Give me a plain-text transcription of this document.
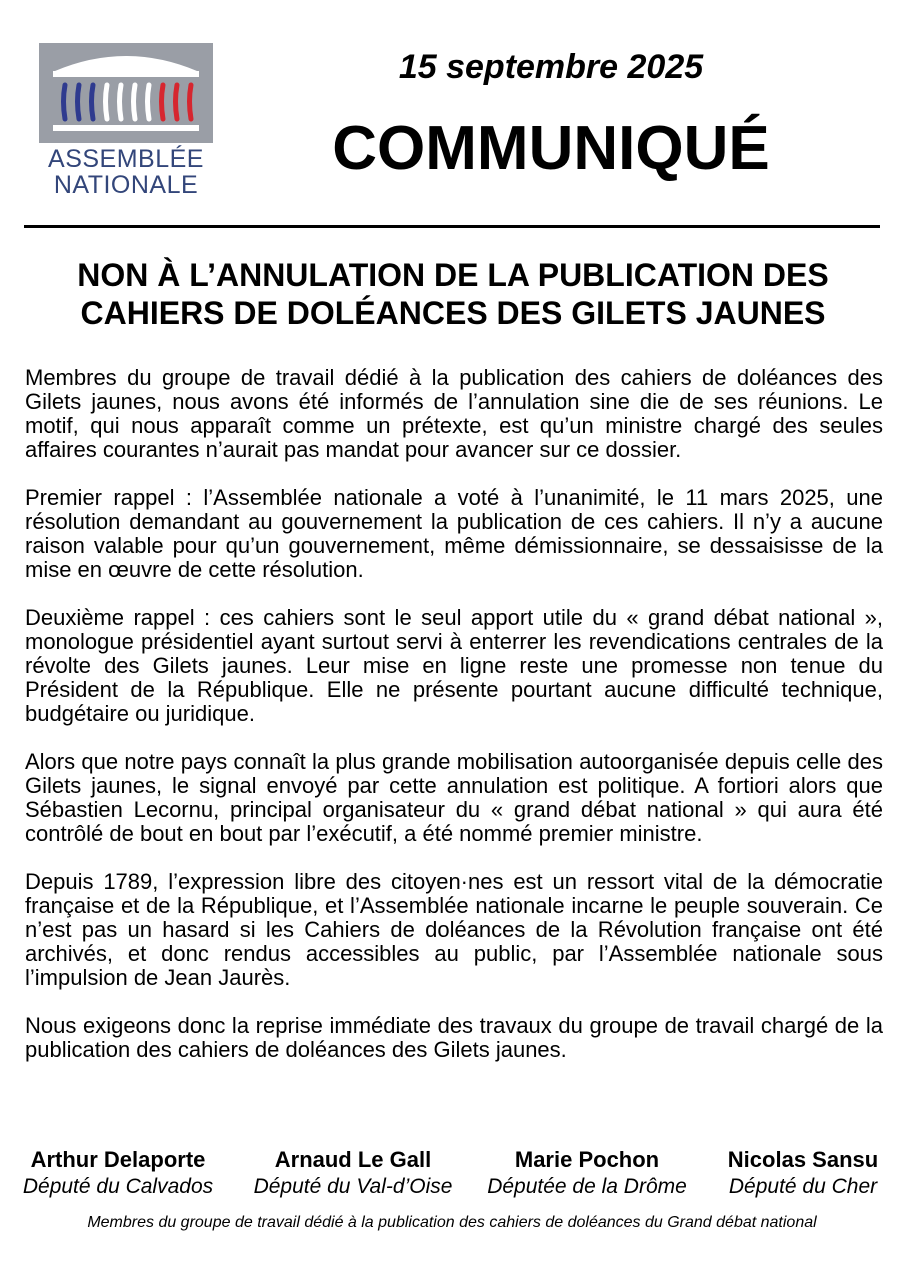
ASSEMBLÉE
NATIONALE
15 septembre 2025
COMMUNIQUÉ
NON À L’ANNULATION DE LA PUBLICATION DES
CAHIERS DE DOLÉANCES DES GILETS JAUNES

Membres du groupe de travail dédié à la publication des cahiers de doléances des Gilets jaunes, nous avons été informés de l’annulation sine die de ses réunions. Le motif, qui nous apparaît comme un prétexte, est qu’un ministre chargé des seules affaires courantes n’aurait pas mandat pour avancer sur ce dossier.

Premier rappel : l’Assemblée nationale a voté à l’unanimité, le 11 mars 2025, une résolution demandant au gouvernement la publication de ces cahiers. Il n’y a aucune raison valable pour qu’un gouvernement, même démissionnaire, se dessaisisse de la mise en œuvre de cette résolution.

Deuxième rappel : ces cahiers sont le seul apport utile du « grand débat national », monologue présidentiel ayant surtout servi à enterrer les revendications centrales de la révolte des Gilets jaunes. Leur mise en ligne reste une promesse non tenue du Président de la République. Elle ne présente pourtant aucune difficulté technique, budgétaire ou juridique.

Alors que notre pays connaît la plus grande mobilisation autoorganisée depuis celle des Gilets jaunes, le signal envoyé par cette annulation est politique. A fortiori alors que Sébastien Lecornu, principal organisateur du « grand débat national » qui aura été contrôlé de bout en bout par l’exécutif, a été nommé premier ministre.

Depuis 1789, l’expression libre des citoyen·nes est un ressort vital de la démocratie française et de la République, et l’Assemblée nationale incarne le peuple souverain. Ce n’est pas un hasard si les Cahiers de doléances de la Révolution française ont été archivés, et donc rendus accessibles au public, par l’Assemblée nationale sous l’impulsion de Jean Jaurès.

Nous exigeons donc la reprise immédiate des travaux du groupe de travail chargé de la publication des cahiers de doléances des Gilets jaunes.

Arthur Delaporte
Député du Calvados
Arnaud Le Gall
Député du Val-d’Oise
Marie Pochon
Députée de la Drôme
Nicolas Sansu
Député du Cher
Membres du groupe de travail dédié à la publication des cahiers de doléances du Grand débat national
